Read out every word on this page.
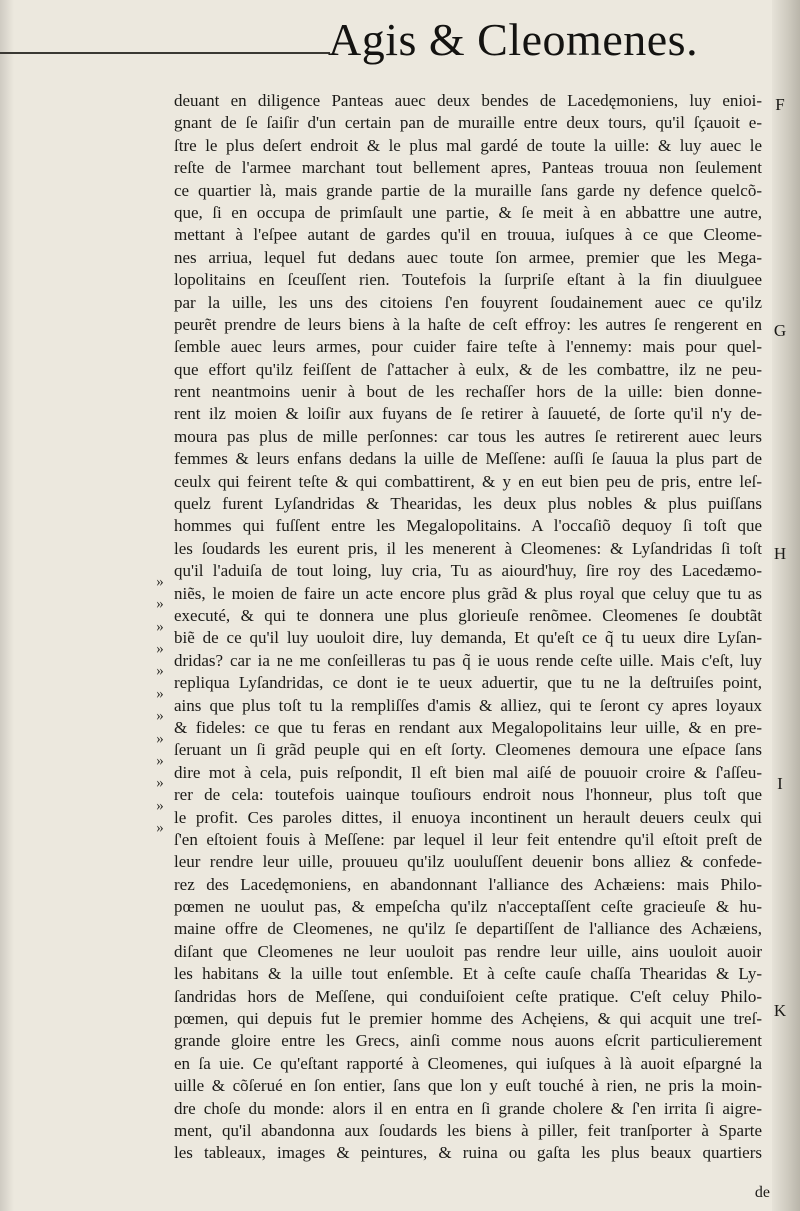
Agis & Cleomenes.
deuant en diligence Panteas auec deux bendes de Lacedęmoniens, luy enioi-
gnant de ſe ſaiſir d'un certain pan de muraille entre deux tours, qu'il ſçauoit e-
ſtre le plus deſert endroit & le plus mal gardé de toute la uille: & luy auec le
reſte de l'armee marchant tout bellement apres, Panteas trouua non ſeulement
ce quartier là, mais grande partie de la muraille ſans garde ny defence quelcõ-
que, ſi en occupa de primſault une partie, & ſe meit à en abbattre une autre,
mettant à l'eſpee autant de gardes qu'il en trouua, iuſques à ce que Cleome-
nes arriua, lequel fut dedans auec toute ſon armee, premier que les Mega-
lopolitains en ſceuſſent rien. Toutefois la ſurpriſe eſtant à la fin diuulguee
par la uille, les uns des citoiens ſ'en fouyrent ſoudainement auec ce qu'ilz
peurẽt prendre de leurs biens à la haſte de ceſt effroy: les autres ſe rengerent en
ſemble auec leurs armes, pour cuider faire teſte à l'ennemy: mais pour quel-
que effort qu'ilz feiſſent de ſ'attacher à eulx, & de les combattre, ilz ne peu-
rent neantmoins uenir à bout de les rechaſſer hors de la uille: bien donne-
rent ilz moien & loiſir aux fuyans de ſe retirer à ſauueté, de ſorte qu'il n'y de-
moura pas plus de mille perſonnes: car tous les autres ſe retirerent auec leurs
femmes & leurs enfans dedans la uille de Meſſene: auſſi ſe ſauua la plus part de
ceulx qui feirent teſte & qui combattirent, & y en eut bien peu de pris, entre leſ-
quelz furent Lyſandridas & Thearidas, les deux plus nobles & plus puiſſans
hommes qui fuſſent entre les Megalopolitains. A l'occaſiõ dequoy ſi toſt que
les ſoudards les eurent pris, il les menerent à Cleomenes: & Lyſandridas ſi toſt
qu'il l'aduiſa de tout loing, luy cria, Tu as aiourd'huy, ſire roy des Lacedæmo-
niẽs, le moien de faire un acte encore plus grãd & plus royal que celuy que tu as
executé, & qui te donnera une plus glorieuſe renõmee. Cleomenes ſe doubtãt
biẽ de ce qu'il luy uouloit dire, luy demanda, Et qu'eſt ce q̃ tu ueux dire Lyſan-
dridas? car ia ne me conſeilleras tu pas q̃ ie uous rende ceſte uille. Mais c'eſt, luy
repliqua Lyſandridas, ce dont ie te ueux aduertir, que tu ne la deſtruiſes point,
ains que plus toſt tu la rempliſſes d'amis & alliez, qui te ſeront cy apres loyaux
& fideles: ce que tu feras en rendant aux Megalopolitains leur uille, & en pre-
ſeruant un ſi grãd peuple qui en eſt ſorty. Cleomenes demoura une eſpace ſans
dire mot à cela, puis reſpondit, Il eſt bien mal aiſé de pouuoir croire & ſ'aſſeu-
rer de cela: toutefois uainque touſiours endroit nous l'honneur, plus toſt que
le profit. Ces paroles dittes, il enuoya incontinent un herault deuers ceulx qui
ſ'en eſtoient fouis à Meſſene: par lequel il leur feit entendre qu'il eſtoit preſt de
leur rendre leur uille, prouueu qu'ilz uouluſſent deuenir bons alliez & confede-
rez des Lacedęmoniens, en abandonnant l'alliance des Achæiens: mais Philo-
pœmen ne uoulut pas, & empeſcha qu'ilz n'acceptaſſent ceſte gracieuſe & hu-
maine offre de Cleomenes, ne qu'ilz ſe departiſſent de l'alliance des Achæiens,
diſant que Cleomenes ne leur uouloit pas rendre leur uille, ains uouloit auoir
les habitans & la uille tout enſemble. Et à ceſte cauſe chaſſa Thearidas & Ly-
ſandridas hors de Meſſene, qui conduiſoient ceſte pratique. C'eſt celuy Philo-
pœmen, qui depuis fut le premier homme des Achęiens, & qui acquit une treſ-
grande gloire entre les Grecs, ainſi comme nous auons eſcrit particulierement
en ſa uie. Ce qu'eſtant rapporté à Cleomenes, qui iuſques à là auoit eſpargné la
uille & cõſerué en ſon entier, ſans que lon y euſt touché à rien, ne pris la moin-
dre choſe du monde: alors il en entra en ſi grande cholere & ſ'en irrita ſi aigre-
ment, qu'il abandonna aux ſoudards les biens à piller, feit tranſporter à Sparte
les tableaux, images & peintures, & ruina ou gaſta les plus beaux quartiers
»
»
»
»
»
»
»
»
»
»
»
»
F
G
H
I
K
de
